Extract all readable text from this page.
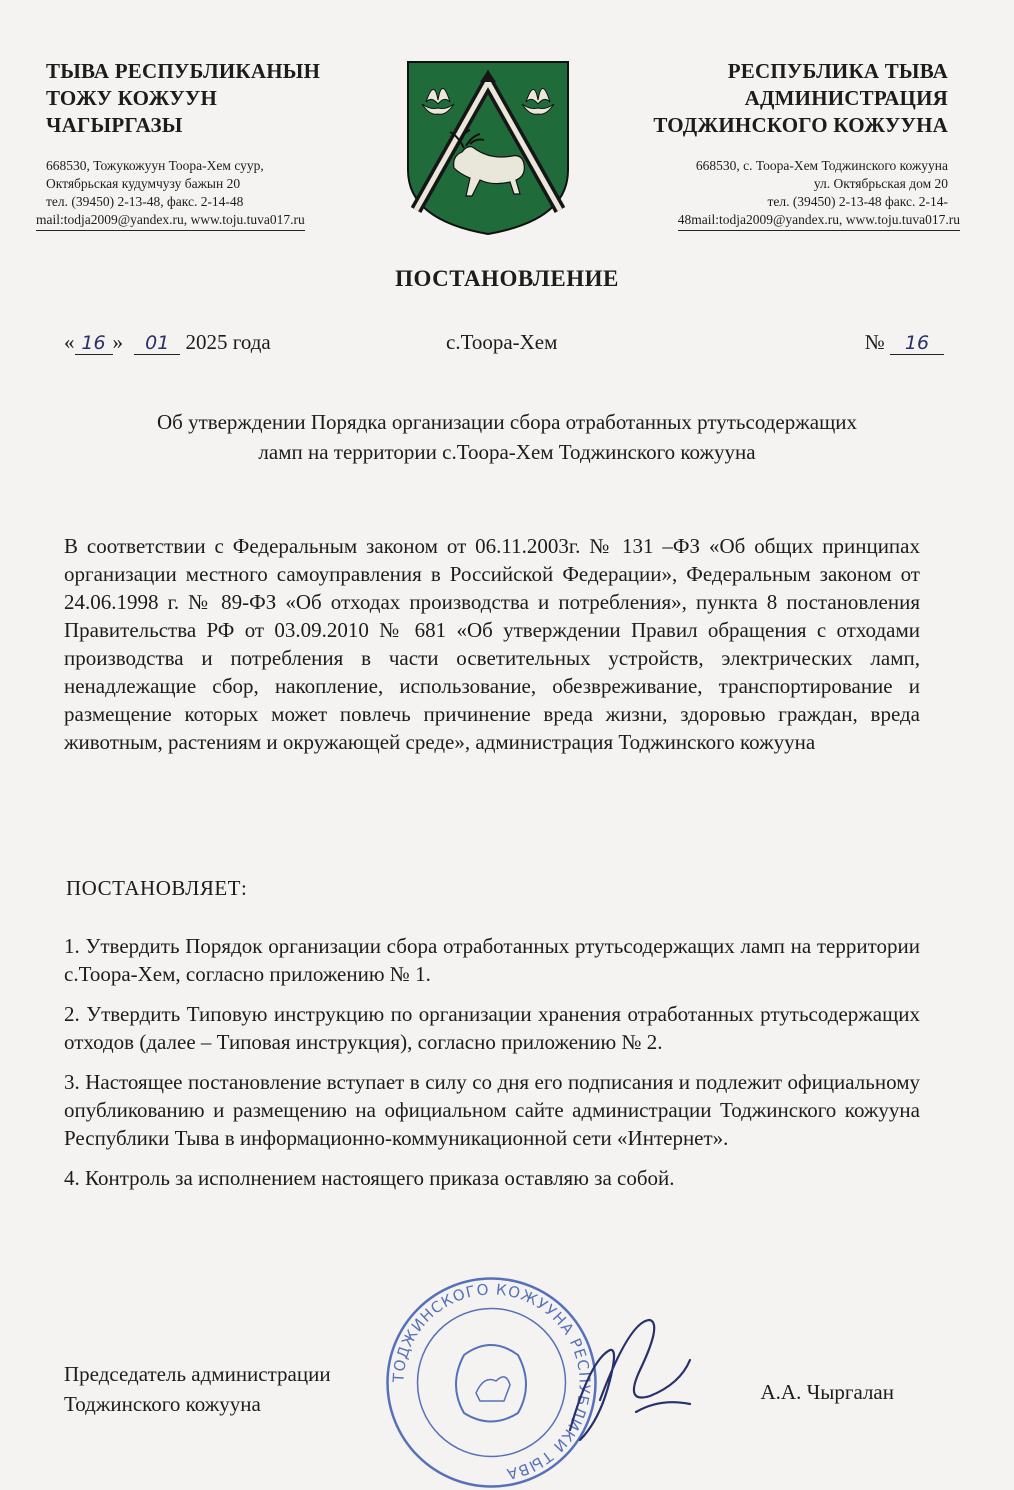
ТЫВА РЕСПУБЛИКАНЫН
ТОЖУ КОЖУУН
ЧАГЫРГАЗЫ
668530, Тожукожуун Тоора-Хем суур,
Октябрьская кудумчузу бажын 20
тел. (39450) 2-13-48, факс. 2-14-48
mail:todja2009@yandex.ru, www.toju.tuva017.ru
РЕСПУБЛИКА ТЫВА
АДМИНИСТРАЦИЯ
ТОДЖИНСКОГО КОЖУУНА
668530, с. Тоора-Хем Тоджинского кожууна
ул. Октябрьская дом 20
тел. (39450) 2-13-48 факс. 2-14-
48mail:todja2009@yandex.ru, www.toju.tuva017.ru
ПОСТАНОВЛЕНИЕ
« 16 » 01 2025 года	с.Тоора-Хем	№ 16
Об утверждении Порядка организации сбора отработанных ртутьсодержащих
ламп на территории с.Тоора-Хем Тоджинского кожууна

В соответствии с Федеральным законом от 06.11.2003г. № 131 –ФЗ «Об общих принципах организации местного самоуправления в Российской Федерации», Федеральным законом от 24.06.1998 г. № 89-ФЗ «Об отходах производства и потребления», пункта 8 постановления Правительства РФ от 03.09.2010 № 681 «Об утверждении Правил обращения с отходами производства и потребления в части осветительных устройств, электрических ламп, ненадлежащие сбор, накопление, использование, обезвреживание, транспортирование и размещение которых может повлечь причинение вреда жизни, здоровью граждан, вреда животным, растениям и окружающей среде», администрация Тоджинского кожууна

ПОСТАНОВЛЯЕТ:

1. Утвердить Порядок организации сбора отработанных ртутьсодержащих ламп на территории с.Тоора-Хем, согласно приложению № 1.

2. Утвердить Типовую инструкцию по организации хранения отработанных ртутьсодержащих отходов (далее – Типовая инструкция), согласно приложению № 2.

3. Настоящее постановление вступает в силу со дня его подписания и подлежит официальному опубликованию и размещению на официальном сайте администрации Тоджинского кожууна Республики Тыва в информационно-коммуникационной сети «Интернет».

4. Контроль за исполнением настоящего приказа оставляю за собой.

Председатель администрации
Тоджинского кожууна	А.А. Чыргалан
ТОДЖИНСКОГО КОЖУУНА РЕСПУБЛИКИ ТЫВА
